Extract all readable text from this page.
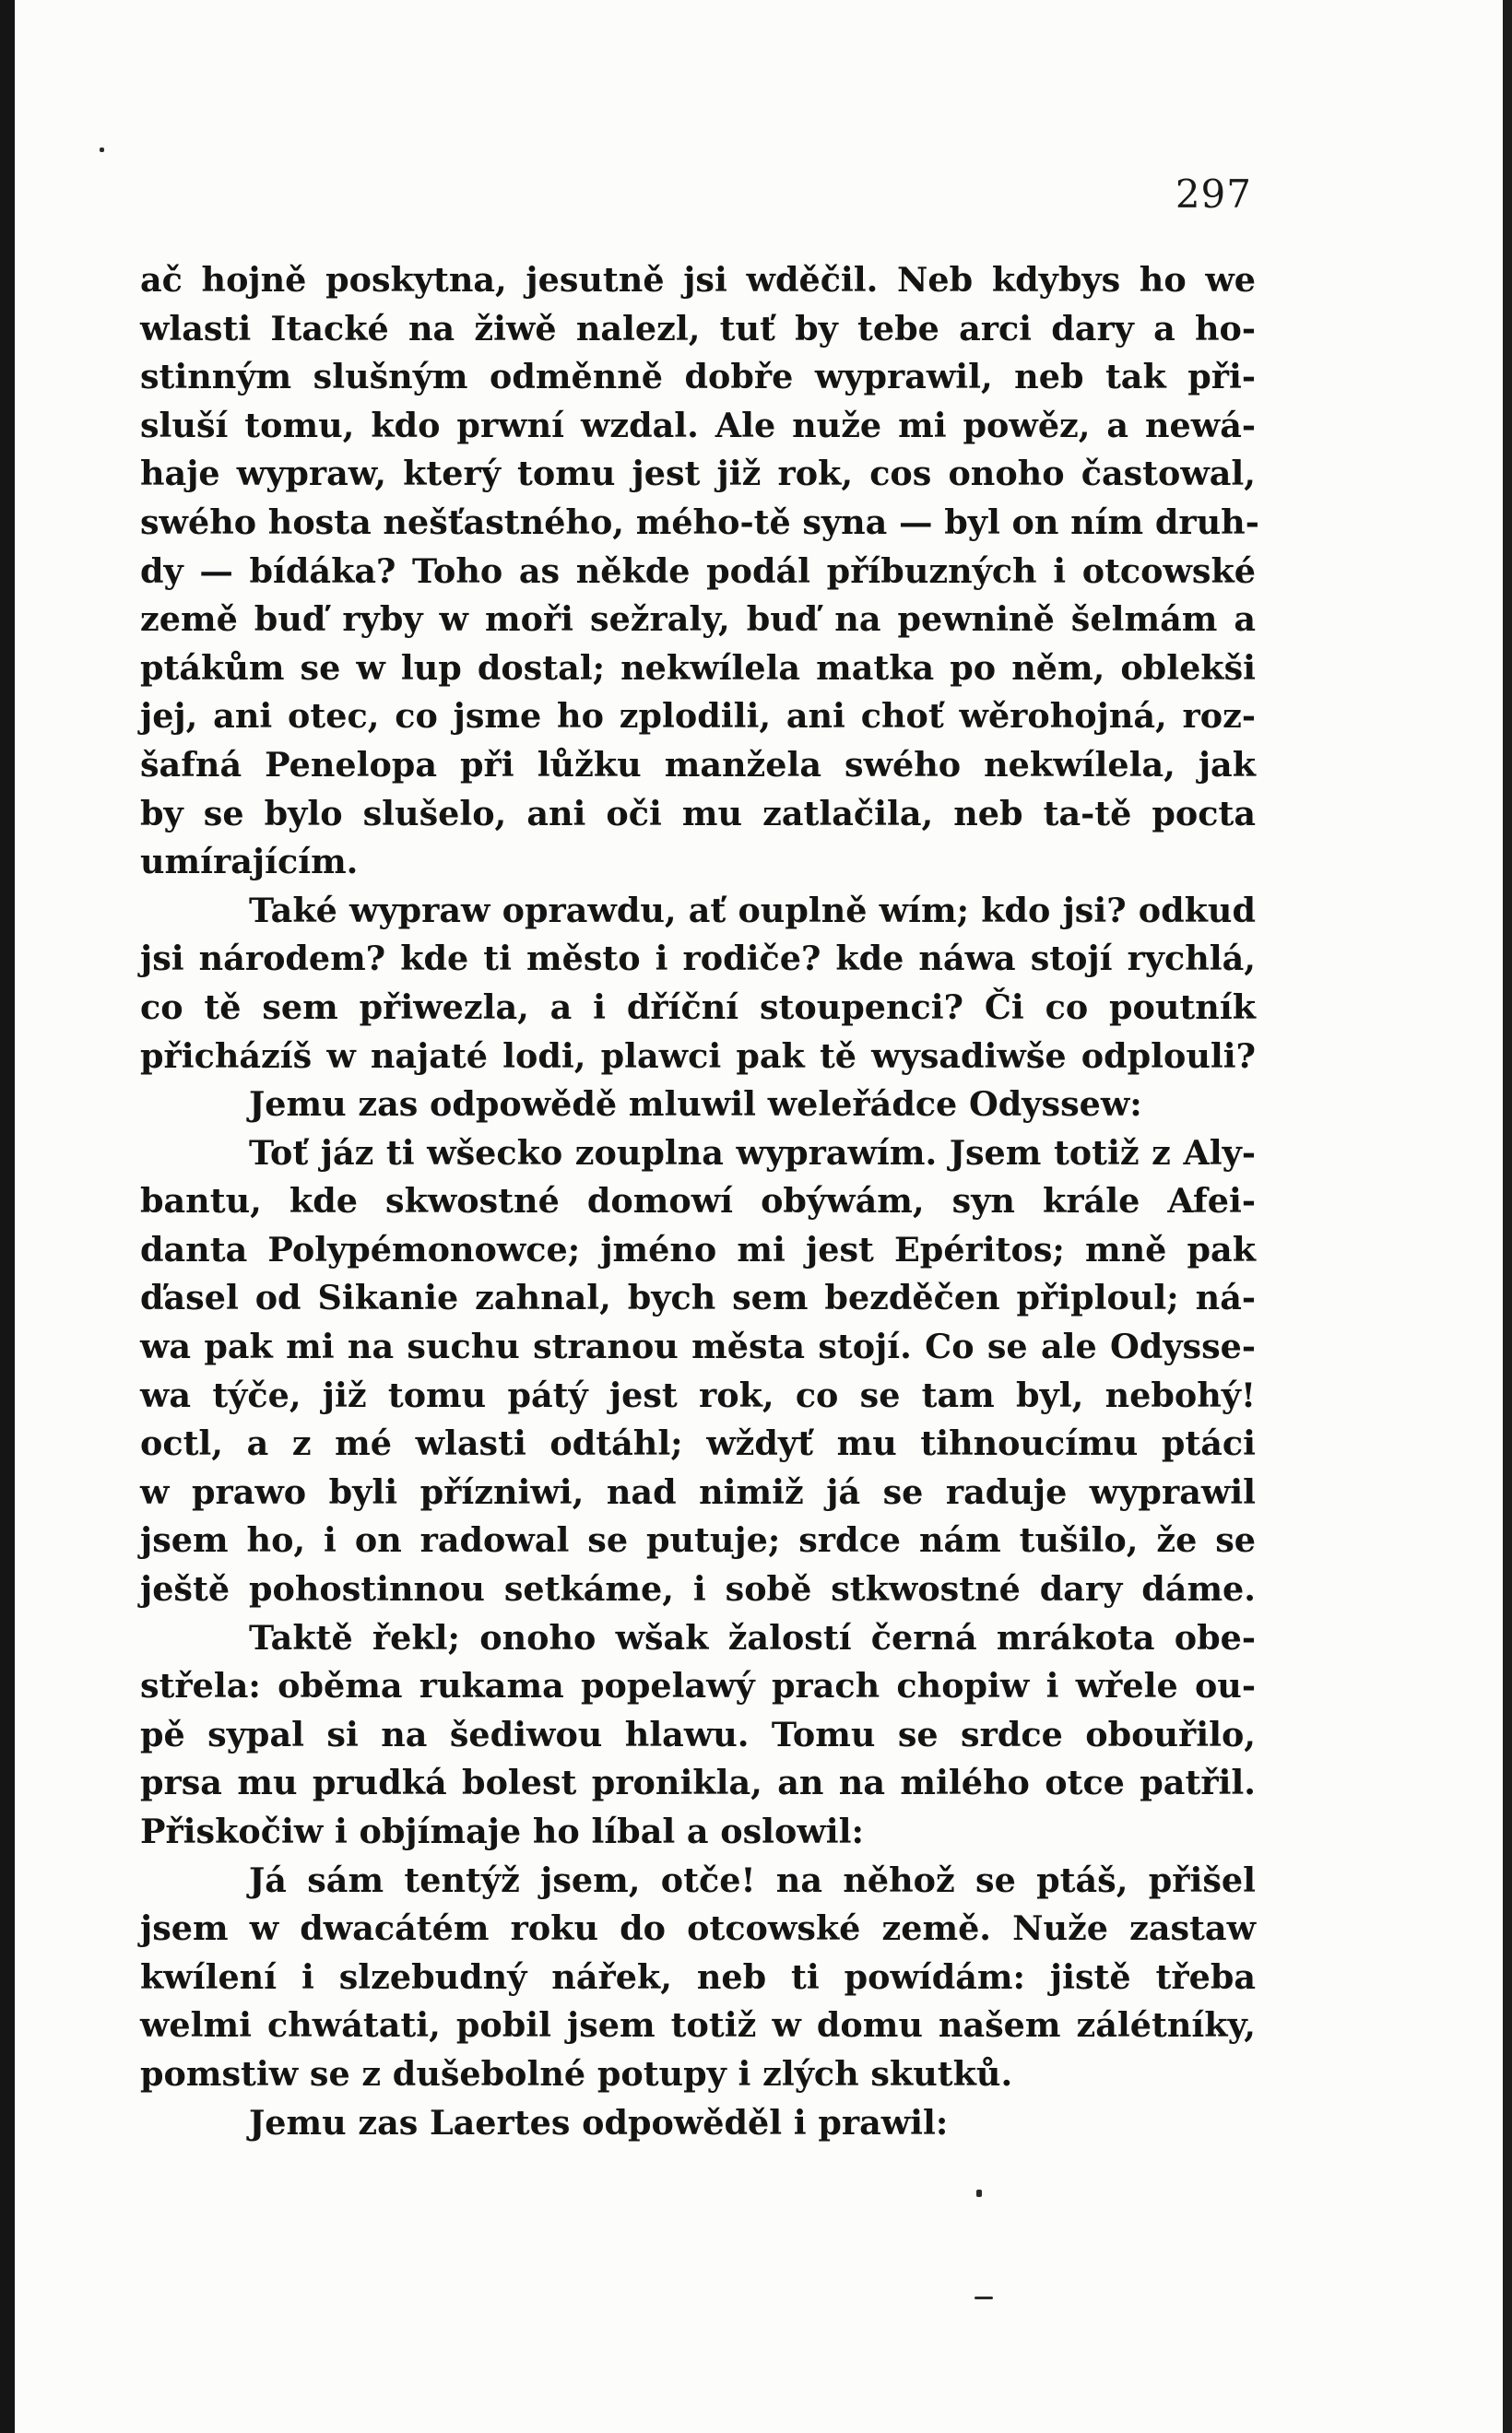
297
ač hojně poskytna, jesutně jsi wděčil. Neb kdybys ho we
wlasti Itacké na žiwě nalezl, tuť by tebe arci dary a ho-
stinným slušným odměnně dobře wyprawil, neb tak při-
sluší tomu, kdo prwní wzdal. Ale nuže mi powěz, a newá-
haje wypraw, který tomu jest již rok, cos onoho častowal,
swého hosta nešťastného, mého-tě syna — byl on ním druh-
dy — bídáka? Toho as někde podál příbuzných i otcowské
země buď ryby w moři sežraly, buď na pewnině šelmám a
ptákům se w lup dostal; nekwílela matka po něm, oblekši
jej, ani otec, co jsme ho zplodili, ani choť wěrohojná, roz-
šafná Penelopa při lůžku manžela swého nekwílela, jak
by se bylo slušelo, ani oči mu zatlačila, neb ta-tě pocta
umírajícím.
Také wypraw oprawdu, ať ouplně wím; kdo jsi? odkud
jsi národem? kde ti město i rodiče? kde náwa stojí rychlá,
co tě sem přiwezla, a i dříční stoupenci? Či co poutník
přicházíš w najaté lodi, plawci pak tě wysadiwše odplouli?
Jemu zas odpowědě mluwil weleřádce Odyssew:
Toť jáz ti wšecko zouplna wyprawím. Jsem totiž z Aly-
bantu, kde skwostné domowí obýwám, syn krále Afei-
danta Polypémonowce; jméno mi jest Epéritos; mně pak
ďasel od Sikanie zahnal, bych sem bezděčen připloul; ná-
wa pak mi na suchu stranou města stojí. Co se ale Odysse-
wa týče, již tomu pátý jest rok, co se tam byl, nebohý!
octl, a z mé wlasti odtáhl; wždyť mu tihnoucímu ptáci
w prawo byli přízniwi, nad nimiž já se raduje wyprawil
jsem ho, i on radowal se putuje; srdce nám tušilo, že se
ještě pohostinnou setkáme, i sobě stkwostné dary dáme.
Taktě řekl; onoho wšak žalostí černá mrákota obe-
střela: oběma rukama popelawý prach chopiw i wřele ou-
pě sypal si na šediwou hlawu. Tomu se srdce obouřilo,
prsa mu prudká bolest pronikla, an na milého otce patřil.
Přiskočiw i objímaje ho líbal a oslowil:
Já sám tentýž jsem, otče! na něhož se ptáš, přišel
jsem w dwacátém roku do otcowské země. Nuže zastaw
kwílení i slzebudný nářek, neb ti powídám: jistě třeba
welmi chwátati, pobil jsem totiž w domu našem zálétníky,
pomstiw se z dušebolné potupy i zlých skutků.
Jemu zas Laertes odpowěděl i prawil:
